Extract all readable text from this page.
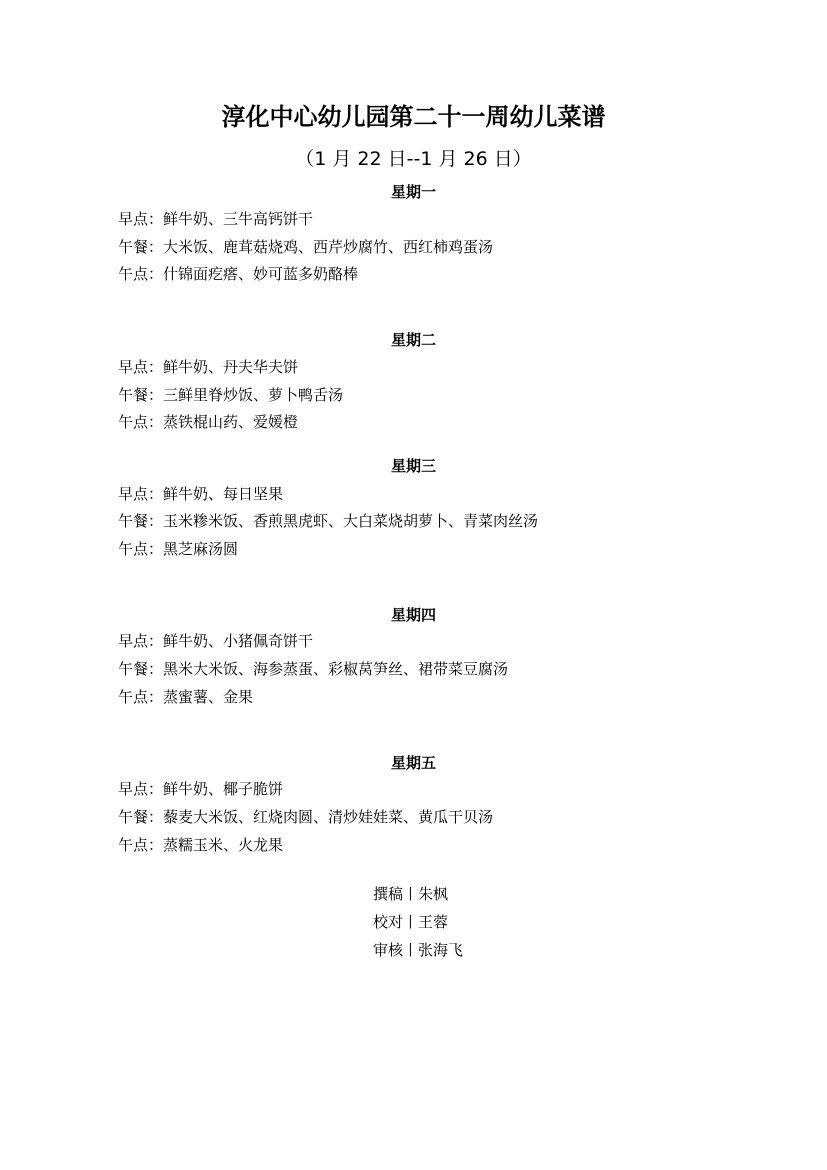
淳化中心幼儿园第二十一周幼儿菜谱
（1 月 22 日--1 月 26 日）
星期一
早点：鲜牛奶、三牛高钙饼干
午餐：大米饭、鹿茸菇烧鸡、西芹炒腐竹、西红柿鸡蛋汤
午点：什锦面疙瘩、妙可蓝多奶酪棒
星期二
早点：鲜牛奶、丹夫华夫饼
午餐：三鲜里脊炒饭、萝卜鸭舌汤
午点：蒸铁棍山药、爱媛橙
星期三
早点：鲜牛奶、每日坚果
午餐：玉米糁米饭、香煎黑虎虾、大白菜烧胡萝卜、青菜肉丝汤
午点：黑芝麻汤圆
星期四
早点：鲜牛奶、小猪佩奇饼干
午餐：黑米大米饭、海参蒸蛋、彩椒莴笋丝、裙带菜豆腐汤
午点：蒸蜜薯、金果
星期五
早点：鲜牛奶、椰子脆饼
午餐：藜麦大米饭、红烧肉圆、清炒娃娃菜、黄瓜干贝汤
午点：蒸糯玉米、火龙果
撰稿丨朱枫
校对丨王蓉
审核丨张海飞
